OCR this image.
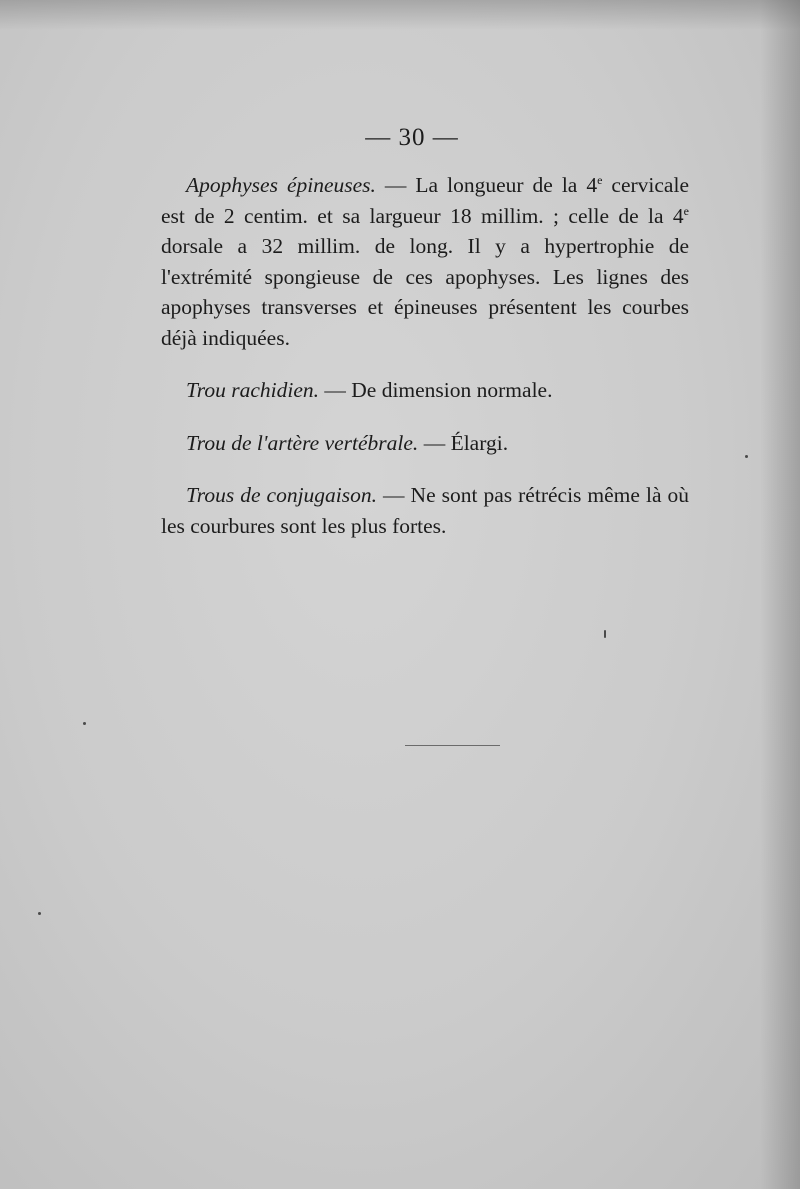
— 30 —

Apophyses épineuses. — La longueur de la 4e cervicale est de 2 centim. et sa largueur 18 millim. ; celle de la 4e dorsale a 32 millim. de long. Il y a hypertrophie de l'extrémité spongieuse de ces apophyses. Les lignes des apophyses transverses et épineuses présentent les courbes déjà indiquées.

Trou rachidien. — De dimension normale.

Trou de l'artère vertébrale. — Élargi.

Trous de conjugaison. — Ne sont pas rétrécis même là où les courbures sont les plus fortes.
